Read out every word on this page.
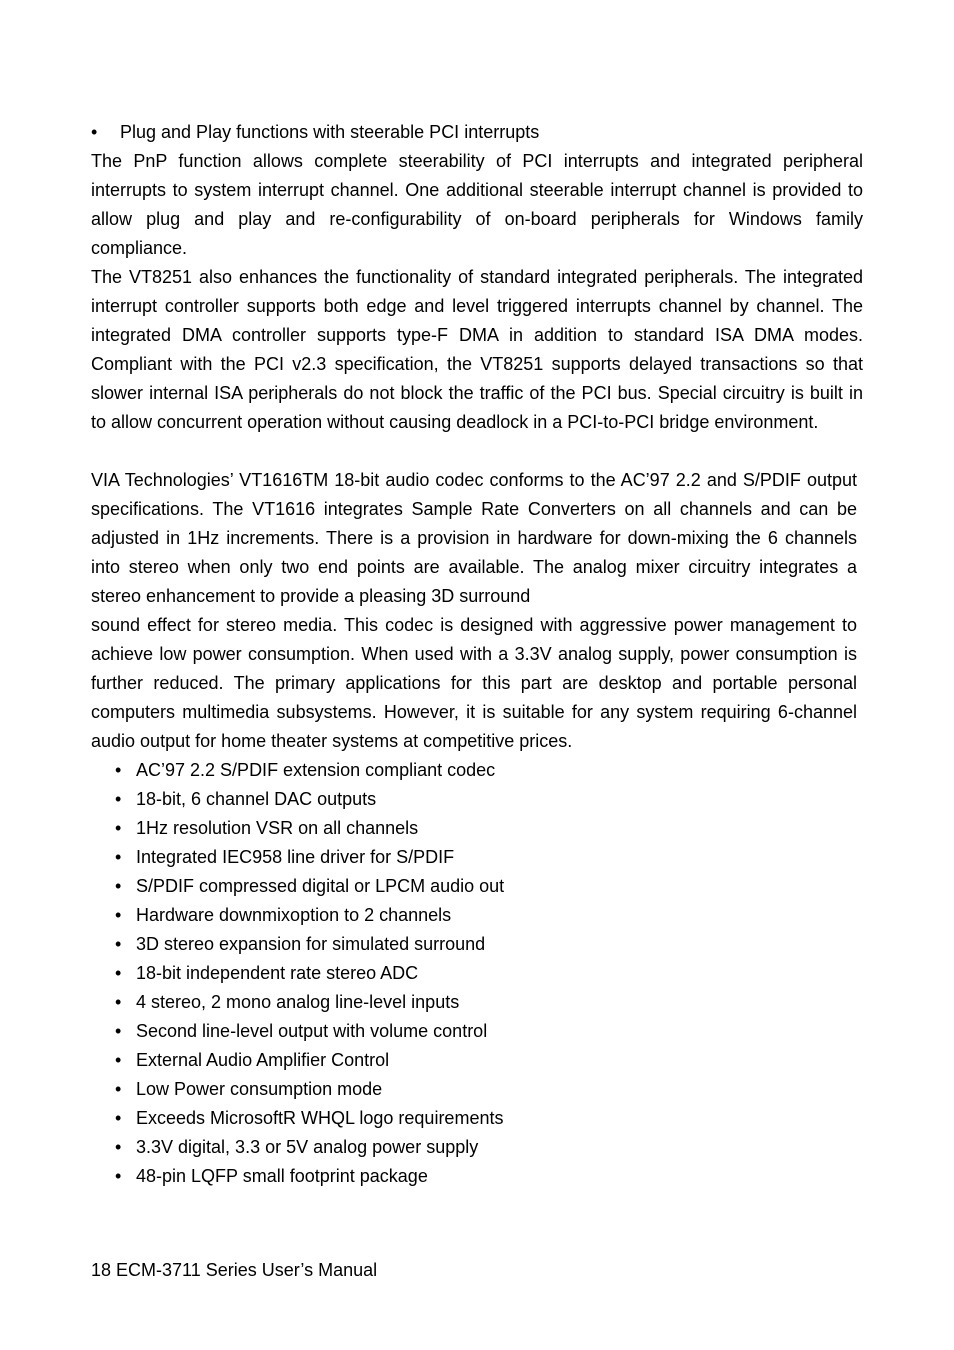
• Plug and Play functions with steerable PCI interrupts

The PnP function allows complete steerability of PCI interrupts and integrated peripheral interrupts to system interrupt channel. One additional steerable interrupt channel is provided to allow plug and play and re-configurability of on-board peripherals for Windows family compliance.

The VT8251 also enhances the functionality of standard integrated peripherals. The integrated interrupt controller supports both edge and level triggered interrupts channel by channel. The integrated DMA controller supports type-F DMA in addition to standard ISA DMA modes. Compliant with the PCI v2.3 specification, the VT8251 supports delayed transactions so that slower internal ISA peripherals do not block the traffic of the PCI bus. Special circuitry is built in to allow concurrent operation without causing deadlock in a PCI-to-PCI bridge environment.

VIA Technologies’ VT1616TM 18-bit audio codec conforms to the AC’97 2.2 and S/PDIF output specifications. The VT1616 integrates Sample Rate Converters on all channels and can be adjusted in 1Hz increments. There is a provision in hardware for down-mixing the 6 channels into stereo when only two end points are available. The analog mixer circuitry integrates a stereo enhancement to provide a pleasing 3D surround

sound effect for stereo media. This codec is designed with aggressive power management to achieve low power consumption. When used with a 3.3V analog supply, power consumption is further reduced. The primary applications for this part are desktop and portable personal computers multimedia subsystems. However, it is suitable for any system requiring 6-channel audio output for home theater systems at competitive prices.

• AC’97 2.2 S/PDIF extension compliant codec
• 18-bit, 6 channel DAC outputs
• 1Hz resolution VSR on all channels
• Integrated IEC958 line driver for S/PDIF
• S/PDIF compressed digital or LPCM audio out
• Hardware downmixoption to 2 channels
• 3D stereo expansion for simulated surround
• 18-bit independent rate stereo ADC
• 4 stereo, 2 mono analog line-level inputs
• Second line-level output with volume control
• External Audio Amplifier Control
• Low Power consumption mode
• Exceeds MicrosoftR WHQL logo requirements
• 3.3V digital, 3.3 or 5V analog power supply
• 48-pin LQFP small footprint package
18 ECM-3711 Series User’s Manual
